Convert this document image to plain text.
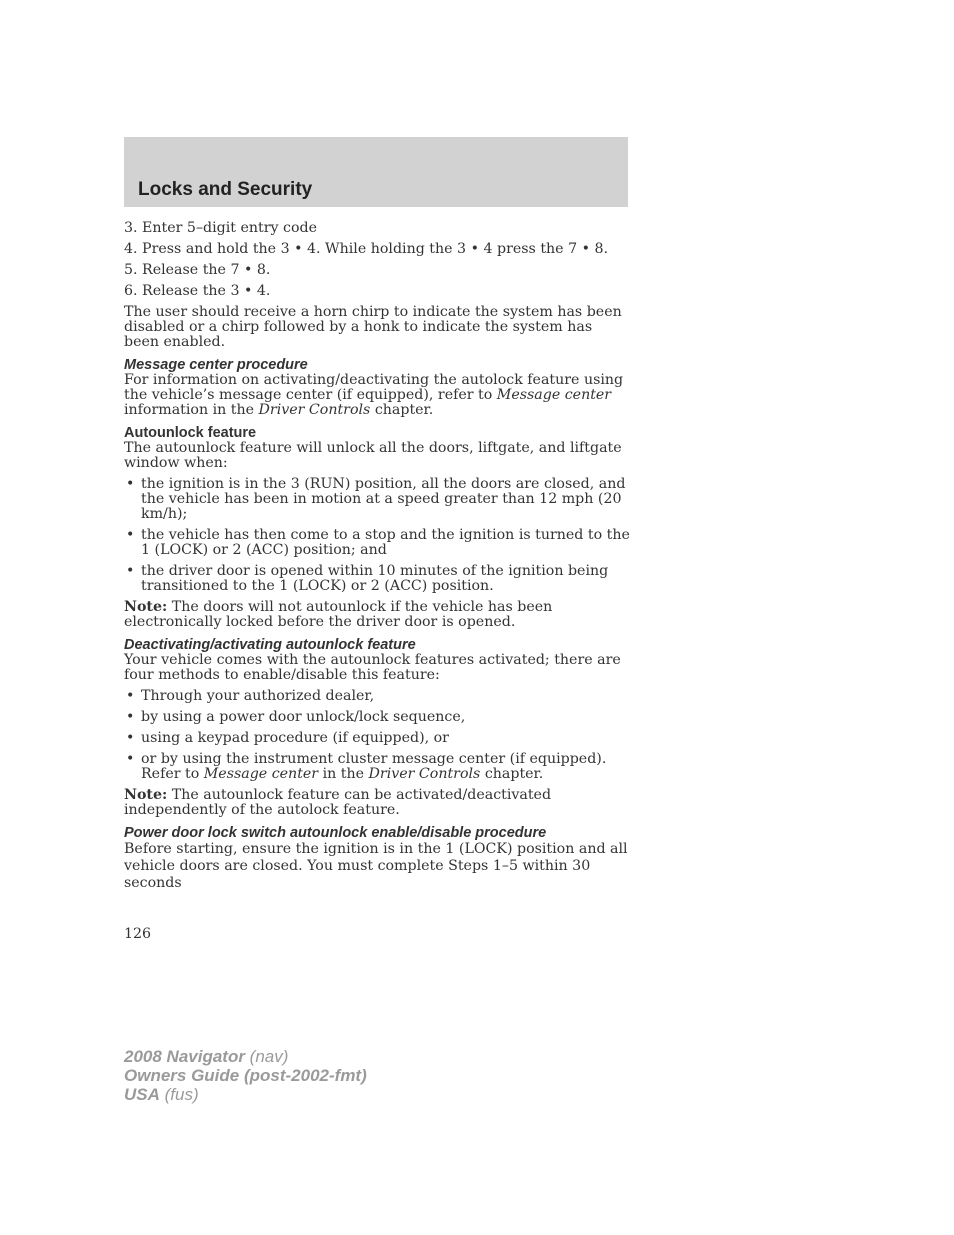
Locks and Security

3. Enter 5–digit entry code

4. Press and hold the 3 • 4. While holding the 3 • 4 press the 7 • 8.

5. Release the 7 • 8.

6. Release the 3 • 4.

The user should receive a horn chirp to indicate the system has been disabled or a chirp followed by a honk to indicate the system has been enabled.

Message center procedure

For information on activating/deactivating the autolock feature using the vehicle’s message center (if equipped), refer to Message center information in the Driver Controls chapter.

Autounlock feature

The autounlock feature will unlock all the doors, liftgate, and liftgate window when:

• the ignition is in the 3 (RUN) position, all the doors are closed, and the vehicle has been in motion at a speed greater than 12 mph (20 km/h);
• the vehicle has then come to a stop and the ignition is turned to the 1 (LOCK) or 2 (ACC) position; and
• the driver door is opened within 10 minutes of the ignition being transitioned to the 1 (LOCK) or 2 (ACC) position.

Note: The doors will not autounlock if the vehicle has been electronically locked before the driver door is opened.

Deactivating/activating autounlock feature

Your vehicle comes with the autounlock features activated; there are four methods to enable/disable this feature:

• Through your authorized dealer,
• by using a power door unlock/lock sequence,
• using a keypad procedure (if equipped), or
• or by using the instrument cluster message center (if equipped). Refer to Message center in the Driver Controls chapter.

Note: The autounlock feature can be activated/deactivated independently of the autolock feature.

Power door lock switch autounlock enable/disable procedure

Before starting, ensure the ignition is in the 1 (LOCK) position and all vehicle doors are closed. You must complete Steps 1–5 within 30 seconds

126
2008 Navigator (nav)
Owners Guide (post-2002-fmt)
USA (fus)
